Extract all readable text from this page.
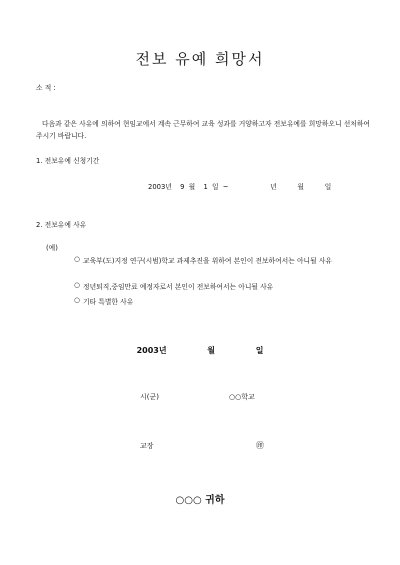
전보 유예 희망서
소 적 :
다음과 같은 사유에 의하여 현임교에서 계속 근무하여 교육 성과를 거양하고자 전보유예를 희망하오니 선처하여 주시기 바랍니다.
1. 전보유예 신청기간
2003년  9 월  1 일 ~          년     월     일
2. 전보유예 사유
(예)
○ 교육부(도)지정 연구(시범)학교 과제추진을 위하여 본인이 전보하여서는 아니될 사유
○ 정년퇴직,중임만료 예정자로서 본인이 전보하여서는 아니될 사유
○ 기타 특별한 사유
2003년      월      일
시(군)	○○학교
교장	㊞
○○○ 귀하
